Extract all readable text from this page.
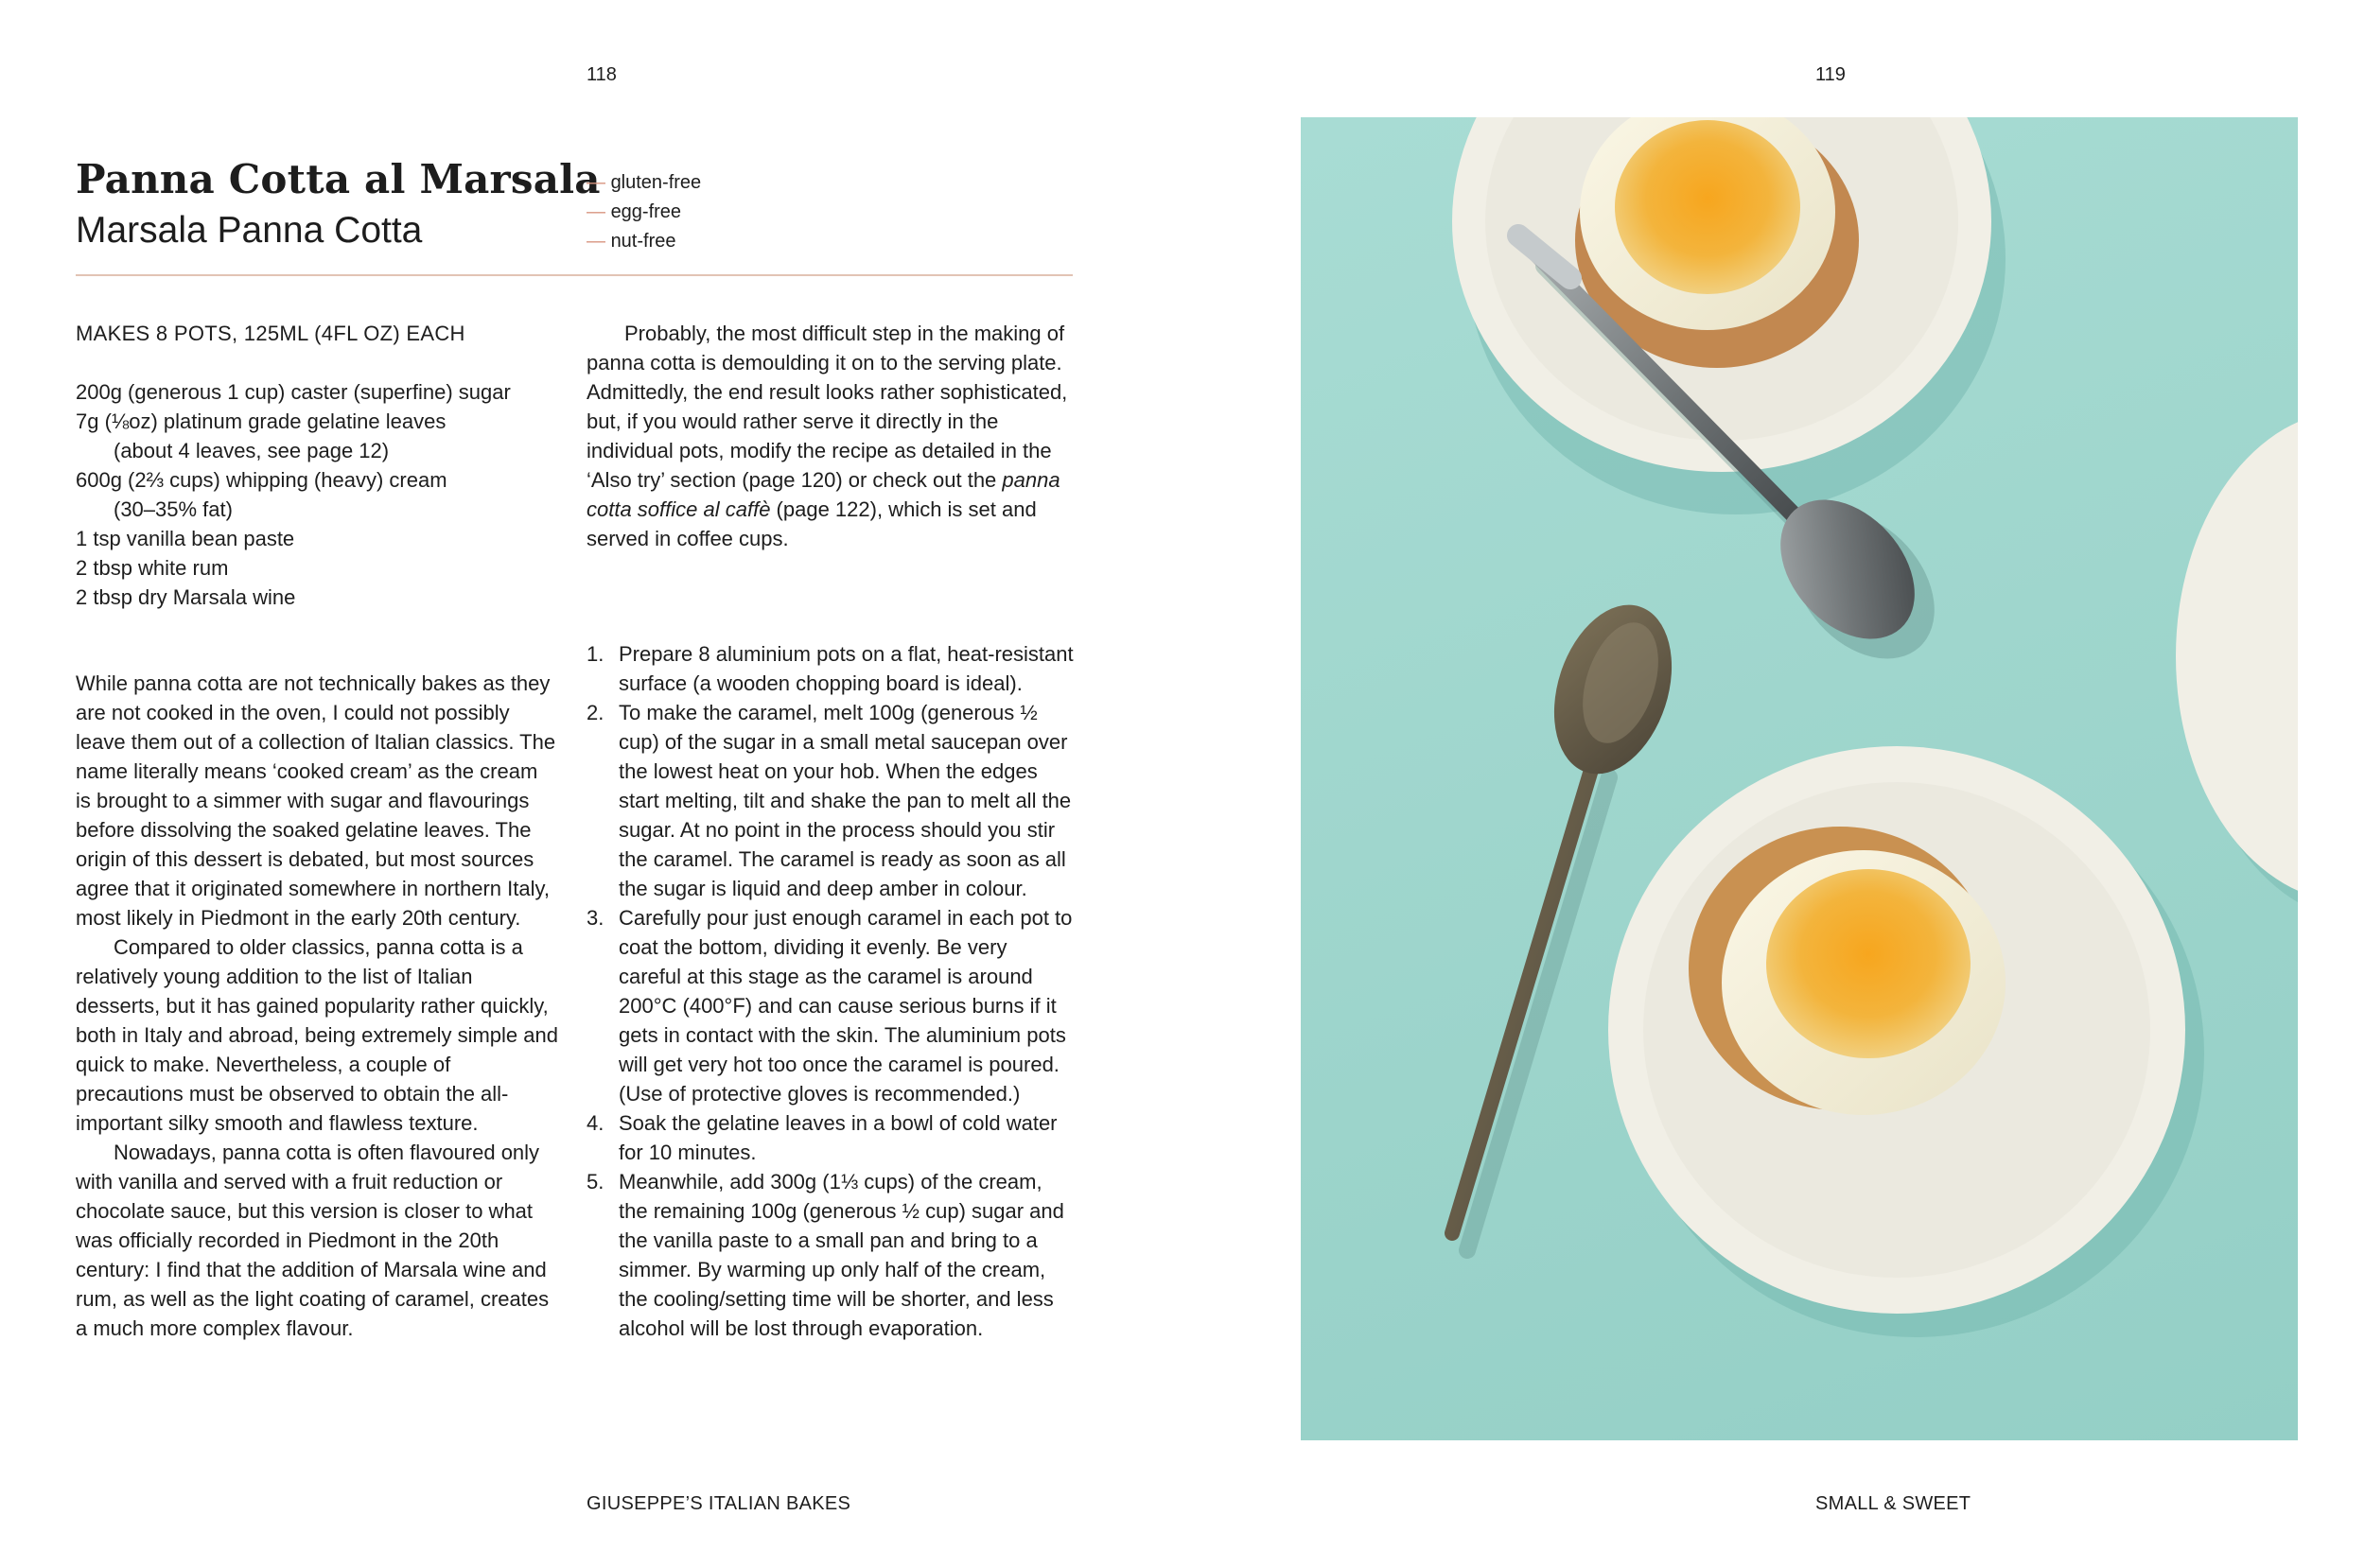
118
Panna Cotta al Marsala
Marsala Panna Cotta
— gluten-free
— egg-free
— nut-free
MAKES 8 POTS, 125ML (4FL OZ) EACH
200g (generous 1 cup) caster (superfine) sugar
7g (⅛oz) platinum grade gelatine leaves
(about 4 leaves, see page 12)
600g (2⅔ cups) whipping (heavy) cream
(30–35% fat)
1 tsp vanilla bean paste
2 tbsp white rum
2 tbsp dry Marsala wine

While panna cotta are not technically bakes as they are not cooked in the oven, I could not possibly leave them out of a collection of Italian classics. The name literally means ‘cooked cream’ as the cream is brought to a simmer with sugar and flavourings before dissolving the soaked gelatine leaves. The origin of this dessert is debated, but most sources agree that it originated somewhere in northern Italy, most likely in Piedmont in the early 20th century.

Compared to older classics, panna cotta is a relatively young addition to the list of Italian desserts, but it has gained popularity rather quickly, both in Italy and abroad, being extremely simple and quick to make. Nevertheless, a couple of precautions must be observed to obtain the all-important silky smooth and flawless texture.

Nowadays, panna cotta is often flavoured only with vanilla and served with a fruit reduction or chocolate sauce, but this version is closer to what was officially recorded in Piedmont in the 20th century: I find that the addition of Marsala wine and rum, as well as the light coating of caramel, creates a much more complex flavour.

Probably, the most difficult step in the making of panna cotta is demoulding it on to the serving plate. Admittedly, the end result looks rather sophisticated, but, if you would rather serve it directly in the individual pots, modify the recipe as detailed in the ‘Also try’ section (page 120) or check out the panna cotta soffice al caffè (page 122), which is set and served in coffee cups.

1. Prepare 8 aluminium pots on a flat, heat-resistant surface (a wooden chopping board is ideal).
2. To make the caramel, melt 100g (generous ½ cup) of the sugar in a small metal saucepan over the lowest heat on your hob. When the edges start melting, tilt and shake the pan to melt all the sugar. At no point in the process should you stir the caramel. The caramel is ready as soon as all the sugar is liquid and deep amber in colour.
3. Carefully pour just enough caramel in each pot to coat the bottom, dividing it evenly. Be very careful at this stage as the caramel is around 200°C (400°F) and can cause serious burns if it gets in contact with the skin. The aluminium pots will get very hot too once the caramel is poured. (Use of protective gloves is recommended.)
4. Soak the gelatine leaves in a bowl of cold water for 10 minutes.
5. Meanwhile, add 300g (1⅓ cups) of the cream, the remaining 100g (generous ½ cup) sugar and the vanilla paste to a small pan and bring to a simmer. By warming up only half of the cream, the cooling/setting time will be shorter, and less alcohol will be lost through evaporation.
GIUSEPPE’S ITALIAN BAKES
119
SMALL & SWEET
